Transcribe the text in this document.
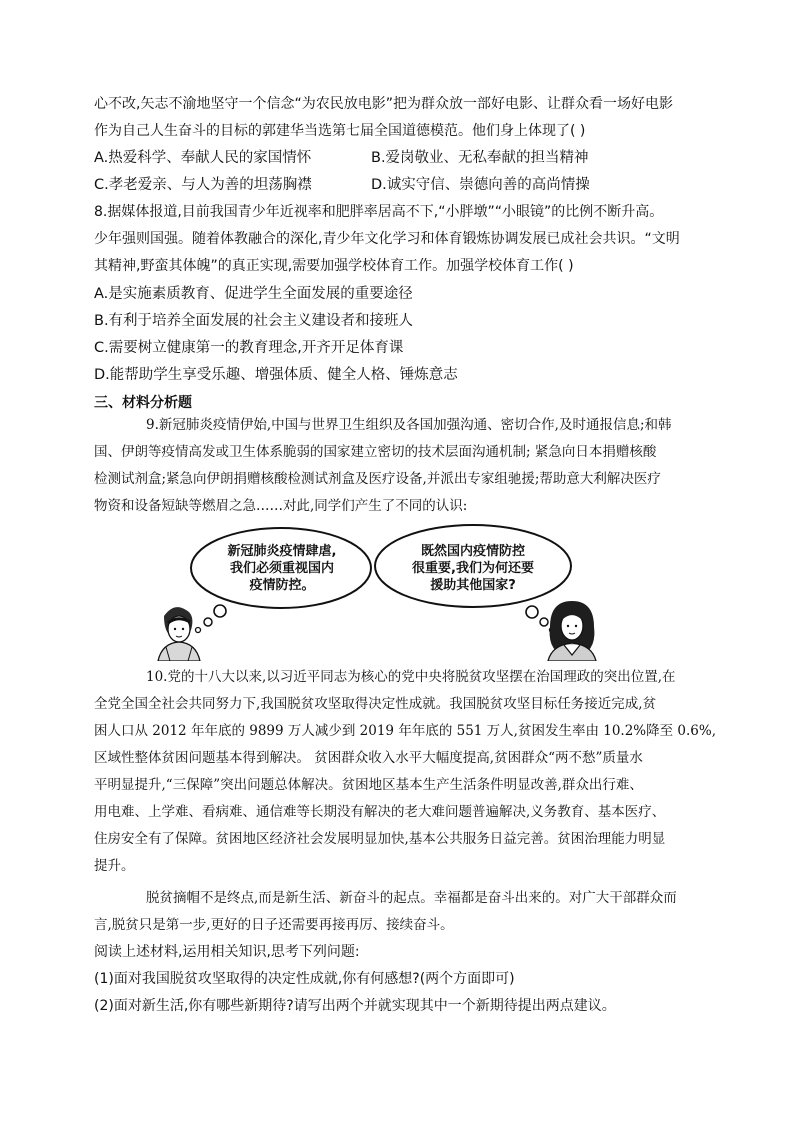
心不改,矢志不渝地坚守一个信念“为农民放电影”把为群众放一部好电影、让群众看一场好电影
作为自己人生奋斗的目标的郭建华当选第七届全国道德模范。他们身上体现了( )
A.热爱科学、奉献人民的家国情怀	B.爱岗敬业、无私奉献的担当精神
C.孝老爱亲、与人为善的坦荡胸襟	D.诚实守信、崇德向善的高尚情操
8.据媒体报道,目前我国青少年近视率和肥胖率居高不下,“小胖墩”“小眼镜”的比例不断升高。
少年强则国强。随着体教融合的深化,青少年文化学习和体育锻炼协调发展已成社会共识。“文明
其精神,野蛮其体魄”的真正实现,需要加强学校体育工作。加强学校体育工作( )
A.是实施素质教育、促进学生全面发展的重要途径
B.有利于培养全面发展的社会主义建设者和接班人
C.需要树立健康第一的教育理念,开齐开足体育课
D.能帮助学生享受乐趣、增强体质、健全人格、锤炼意志
三、材料分析题
9.新冠肺炎疫情伊始,中国与世界卫生组织及各国加强沟通、密切合作,及时通报信息;和韩
国、伊朗等疫情高发或卫生体系脆弱的国家建立密切的技术层面沟通机制; 紧急向日本捐赠核酸
检测试剂盒;紧急向伊朗捐赠核酸检测试剂盒及医疗设备,并派出专家组驰援;帮助意大利解决医疗
物资和设备短缺等燃眉之急……对此,同学们产生了不同的认识:
新冠肺炎疫情肆虐,
我们必须重视国内
疫情防控。
既然国内疫情防控
很重要,我们为何还要
援助其他国家?
10.党的十八大以来,以习近平同志为核心的党中央将脱贫攻坚摆在治国理政的突出位置,在
全党全国全社会共同努力下,我国脱贫攻坚取得决定性成就。我国脱贫攻坚目标任务接近完成,贫
困人口从 2012 年年底的 9899 万人减少到 2019 年年底的 551 万人,贫困发生率由 10.2%降至 0.6%,
区域性整体贫困问题基本得到解决。 贫困群众收入水平大幅度提高,贫困群众“两不愁”质量水
平明显提升,“三保障”突出问题总体解决。贫困地区基本生产生活条件明显改善,群众出行难、
用电难、上学难、看病难、通信难等长期没有解决的老大难问题普遍解决,义务教育、基本医疗、
住房安全有了保障。贫困地区经济社会发展明显加快,基本公共服务日益完善。贫困治理能力明显
提升。
脱贫摘帽不是终点,而是新生活、新奋斗的起点。幸福都是奋斗出来的。对广大干部群众而
言,脱贫只是第一步,更好的日子还需要再接再厉、接续奋斗。
阅读上述材料,运用相关知识,思考下列问题:
(1)面对我国脱贫攻坚取得的决定性成就,你有何感想?(两个方面即可)
(2)面对新生活,你有哪些新期待?请写出两个并就实现其中一个新期待提出两点建议。
